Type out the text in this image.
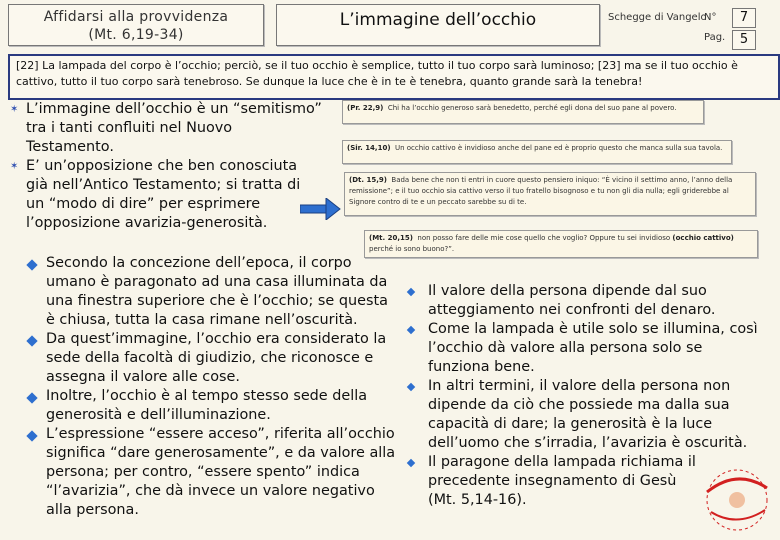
Affidarsi alla provvidenza
(Mt. 6,19-34)
L’immagine dell’occhio	Schegge di Vangelo
N°	7
Pag.	5
[22] La lampada del corpo è l’occhio; perciò, se il tuo occhio è semplice, tutto il tuo corpo sarà luminoso; [23] ma se il tuo occhio è cattivo, tutto il tuo corpo sarà tenebroso. Se dunque la luce che è in te è tenebra, quanto grande sarà la tenebra!
✶ L’immagine dell’occhio è un “semitismo” tra i tanti confluiti nel Nuovo Testamento.
✶ E’ un’opposizione che ben conosciuta già nell’Antico Testamento; si tratta di un “modo di dire” per esprimere l’opposizione avarizia-generosità.
(Pr. 22,9) Chi ha l’occhio generoso sarà benedetto, perché egli dona del suo pane al povero.
(Sir. 14,10) Un occhio cattivo è invidioso anche del pane ed è proprio questo che manca sulla sua tavola.
(Dt. 15,9) Bada bene che non ti entri in cuore questo pensiero iniquo: “È vicino il settimo anno, l’anno della remissione”; e il tuo occhio sia cattivo verso il tuo fratello bisognoso e tu non gli dia nulla; egli griderebbe al Signore contro di te e un peccato sarebbe su di te.
(Mt. 20,15) non posso fare delle mie cose quello che voglio? Oppure tu sei invidioso (occhio cattivo) perché io sono buono?”.
Secondo la concezione dell’epoca, il corpo umano è paragonato ad una casa illuminata da una finestra superiore che è l’occhio; se questa è chiusa, tutta la casa rimane nell’oscurità.
Da quest’immagine, l’occhio era considerato la sede della facoltà di giudizio, che riconosce e assegna il valore alle cose.
Inoltre, l’occhio è al tempo stesso sede della generosità e dell’illuminazione.
L’espressione “essere acceso”, riferita all’occhio significa “dare generosamente”, e da valore alla persona; per contro, “essere spento” indica “l’avarizia”, che dà invece un valore negativo alla persona.
Il valore della persona dipende dal suo atteggiamento nei confronti del denaro.
Come la lampada è utile solo se illumina, così l’occhio dà valore alla persona solo se funziona bene.
In altri termini, il valore della persona non dipende da ciò che possiede ma dalla sua capacità di dare; la generosità è la luce dell’uomo che s’irradia, l’avarizia è oscurità.
Il paragone della lampada richiama il precedente insegnamento di Gesù (Mt. 5,14-16).
